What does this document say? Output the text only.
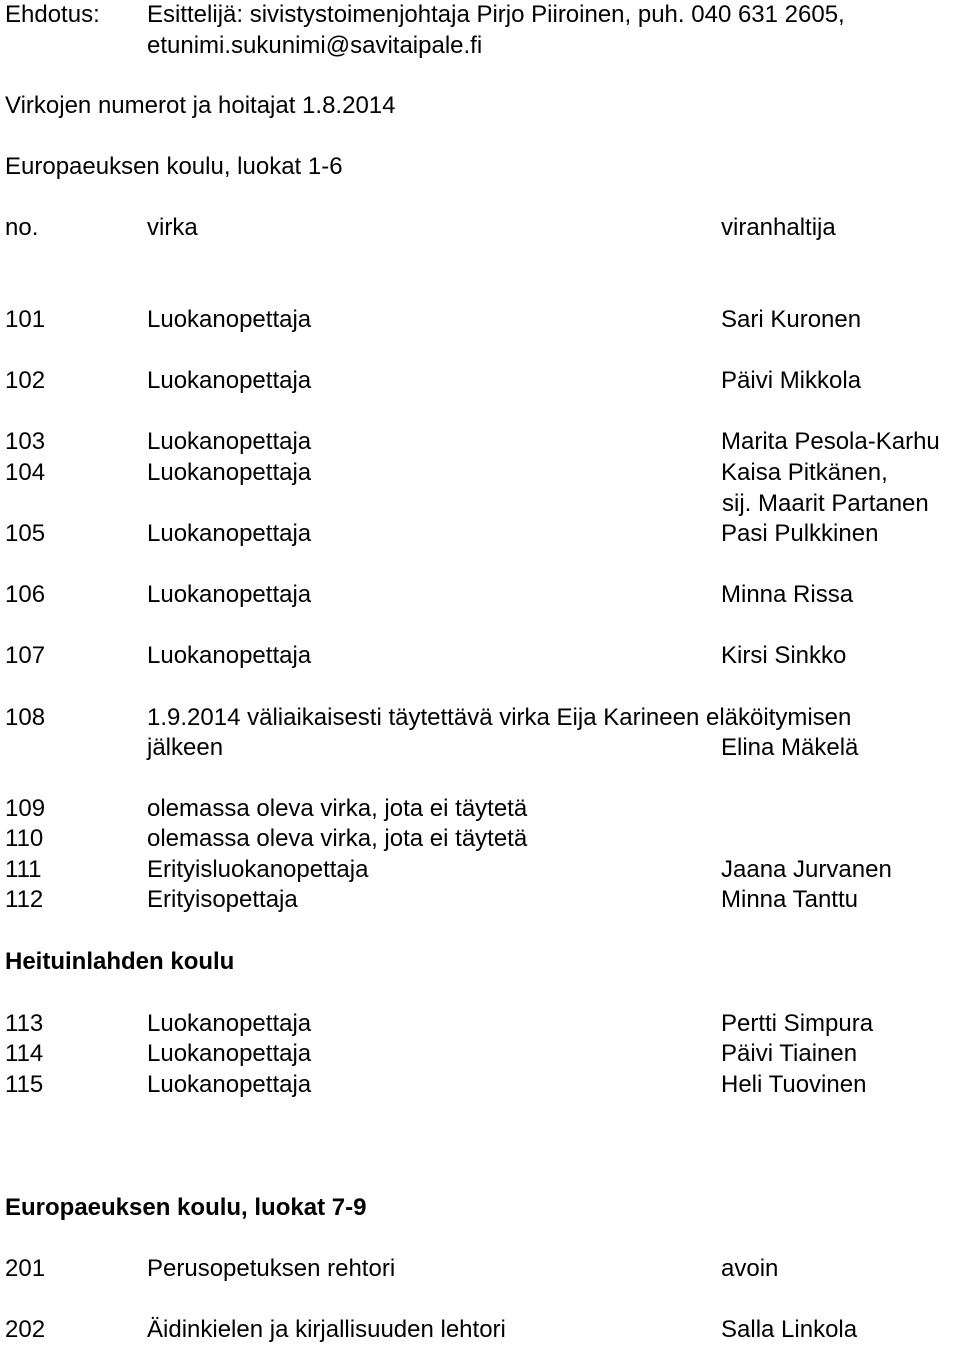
Ehdotus: Esittelijä: sivistystoimenjohtaja Pirjo Piiroinen, puh. 040 631 2605,
etunimi.sukunimi@savitaipale.fi
Virkojen numerot ja hoitajat 1.8.2014
Europaeuksen koulu, luokat 1-6
no.	virka	viranhaltija
101	Luokanopettaja	Sari Kuronen
102	Luokanopettaja	Päivi Mikkola
103	Luokanopettaja	Marita Pesola-Karhu
104	Luokanopettaja	Kaisa Pitkänen,
sij. Maarit Partanen
105	Luokanopettaja	Pasi Pulkkinen
106	Luokanopettaja	Minna Rissa
107	Luokanopettaja	Kirsi Sinkko
108	1.9.2014 väliaikaisesti täytettävä virka Eija Karineen eläköitymisen
jälkeen	Elina Mäkelä
109	olemassa oleva virka, jota ei täytetä
110	olemassa oleva virka, jota ei täytetä
111	Erityisluokanopettaja	Jaana Jurvanen
112	Erityisopettaja	Minna Tanttu
Heituinlahden koulu
113	Luokanopettaja	Pertti Simpura
114	Luokanopettaja	Päivi Tiainen
115	Luokanopettaja	Heli Tuovinen
Europaeuksen koulu, luokat 7-9
201	Perusopetuksen rehtori	avoin
202	Äidinkielen ja kirjallisuuden lehtori	Salla Linkola
